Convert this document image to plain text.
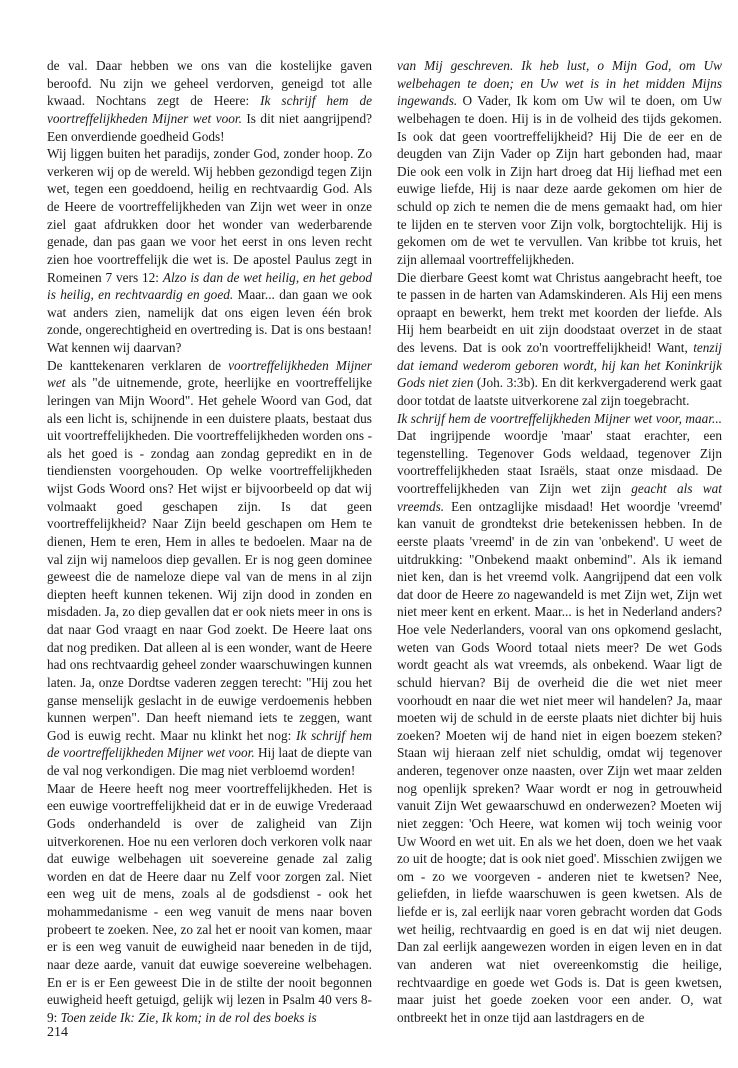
de val. Daar hebben we ons van die kostelijke gaven beroofd. Nu zijn we geheel verdorven, geneigd tot alle kwaad. Nochtans zegt de Heere: Ik schrijf hem de voortreffelijkheden Mijner wet voor. Is dit niet aangrijpend? Een onverdiende goedheid Gods!

Wij liggen buiten het paradijs, zonder God, zonder hoop. Zo verkeren wij op de wereld. Wij hebben gezondigd tegen Zijn wet, tegen een goeddoend, heilig en rechtvaardig God. Als de Heere de voortreffelijkheden van Zijn wet weer in onze ziel gaat afdrukken door het wonder van wederbarende genade, dan pas gaan we voor het eerst in ons leven recht zien hoe voortreffelijk die wet is. De apostel Paulus zegt in Romeinen 7 vers 12: Alzo is dan de wet heilig, en het gebod is heilig, en rechtvaardig en goed. Maar... dan gaan we ook wat anders zien, namelijk dat ons eigen leven één brok zonde, ongerechtigheid en overtreding is. Dat is ons bestaan! Wat kennen wij daarvan?

De kanttekenaren verklaren de voortreffelijkheden Mijner wet als "de uitnemende, grote, heerlijke en voortreffelijke leringen van Mijn Woord". Het gehele Woord van God, dat als een licht is, schijnende in een duistere plaats, bestaat dus uit voortreffelijkheden. Die voortreffelijkheden worden ons - als het goed is - zondag aan zondag gepredikt en in de tiendiensten voorgehouden. Op welke voortreffelijkheden wijst Gods Woord ons? Het wijst er bijvoorbeeld op dat wij volmaakt goed geschapen zijn. Is dat geen voortreffelijkheid? Naar Zijn beeld geschapen om Hem te dienen, Hem te eren, Hem in alles te bedoelen. Maar na de val zijn wij nameloos diep gevallen. Er is nog geen dominee geweest die de nameloze diepe val van de mens in al zijn diepten heeft kunnen tekenen. Wij zijn dood in zonden en misdaden. Ja, zo diep gevallen dat er ook niets meer in ons is dat naar God vraagt en naar God zoekt. De Heere laat ons dat nog prediken. Dat alleen al is een wonder, want de Heere had ons rechtvaardig geheel zonder waarschuwingen kunnen laten. Ja, onze Dordtse vaderen zeggen terecht: "Hij zou het ganse menselijk geslacht in de euwige verdoemenis hebben kunnen werpen". Dan heeft niemand iets te zeggen, want God is euwig recht. Maar nu klinkt het nog: Ik schrijf hem de voortreffelijkheden Mijner wet voor. Hij laat de diepte van de val nog verkondigen. Die mag niet verbloemd worden!

Maar de Heere heeft nog meer voortreffelijkheden. Het is een euwige voortreffelijkheid dat er in de euwige Vrederaad Gods onderhandeld is over de zaligheid van Zijn uitverkorenen. Hoe nu een verloren doch verkoren volk naar dat euwige welbehagen uit soevereine genade zal zalig worden en dat de Heere daar nu Zelf voor zorgen zal. Niet een weg uit de mens, zoals al de godsdienst - ook het mohammedanisme - een weg vanuit de mens naar boven probeert te zoeken. Nee, zo zal het er nooit van komen, maar er is een weg vanuit de euwigheid naar beneden in de tijd, naar deze aarde, vanuit dat euwige soevereine welbehagen. En er is er Een geweest Die in de stilte der nooit begonnen euwigheid heeft getuigd, gelijk wij lezen in Psalm 40 vers 8-9: Toen zeide Ik: Zie, Ik kom; in de rol des boeks is

van Mij geschreven. Ik heb lust, o Mijn God, om Uw welbehagen te doen; en Uw wet is in het midden Mijns ingewands. O Vader, Ik kom om Uw wil te doen, om Uw welbehagen te doen. Hij is in de volheid des tijds gekomen. Is ook dat geen voortreffelijkheid? Hij Die de eer en de deugden van Zijn Vader op Zijn hart gebonden had, maar Die ook een volk in Zijn hart droeg dat Hij liefhad met een euwige liefde, Hij is naar deze aarde gekomen om hier de schuld op zich te nemen die de mens gemaakt had, om hier te lijden en te sterven voor Zijn volk, borgtochtelijk. Hij is gekomen om de wet te vervullen. Van kribbe tot kruis, het zijn allemaal voortreffelijkheden.

Die dierbare Geest komt wat Christus aangebracht heeft, toe te passen in de harten van Adamskinderen. Als Hij een mens opraapt en bewerkt, hem trekt met koorden der liefde. Als Hij hem bearbeidt en uit zijn doodstaat overzet in de staat des levens. Dat is ook zo'n voortreffelijkheid! Want, tenzij dat iemand wederom geboren wordt, hij kan het Koninkrijk Gods niet zien (Joh. 3:3b). En dit kerkvergaderend werk gaat door totdat de laatste uitverkorene zal zijn toegebracht.

Ik schrijf hem de voortreffelijkheden Mijner wet voor, maar... Dat ingrijpende woordje 'maar' staat erachter, een tegenstelling. Tegenover Gods weldaad, tegenover Zijn voortreffelijkheden staat Israëls, staat onze misdaad. De voortreffelijkheden van Zijn wet zijn geacht als wat vreemds. Een ontzaglijke misdaad! Het woordje 'vreemd' kan vanuit de grondtekst drie betekenissen hebben. In de eerste plaats 'vreemd' in de zin van 'onbekend'. U weet de uitdrukking: "Onbekend maakt onbemind". Als ik iemand niet ken, dan is het vreemd volk. Aangrijpend dat een volk dat door de Heere zo nagewandeld is met Zijn wet, Zijn wet niet meer kent en erkent. Maar... is het in Nederland anders? Hoe vele Nederlanders, vooral van ons opkomend geslacht, weten van Gods Woord totaal niets meer? De wet Gods wordt geacht als wat vreemds, als onbekend. Waar ligt de schuld hiervan? Bij de overheid die die wet niet meer voorhoudt en naar die wet niet meer wil handelen? Ja, maar moeten wij de schuld in de eerste plaats niet dichter bij huis zoeken? Moeten wij de hand niet in eigen boezem steken? Staan wij hieraan zelf niet schuldig, omdat wij tegenover anderen, tegenover onze naasten, over Zijn wet maar zelden nog openlijk spreken? Waar wordt er nog in getrouwheid vanuit Zijn Wet gewaarschuwd en onderwezen? Moeten wij niet zeggen: 'Och Heere, wat komen wij toch weinig voor Uw Woord en wet uit. En als we het doen, doen we het vaak zo uit de hoogte; dat is ook niet goed'. Misschien zwijgen we om - zo we voorgeven - anderen niet te kwetsen? Nee, geliefden, in liefde waarschuwen is geen kwetsen. Als de liefde er is, zal eerlijk naar voren gebracht worden dat Gods wet heilig, rechtvaardig en goed is en dat wij niet deugen. Dan zal eerlijk aangewezen worden in eigen leven en in dat van anderen wat niet overeenkomstig die heilige, rechtvaardige en goede wet Gods is. Dat is geen kwetsen, maar juist het goede zoeken voor een ander. O, wat ontbreekt het in onze tijd aan lastdragers en de

214
